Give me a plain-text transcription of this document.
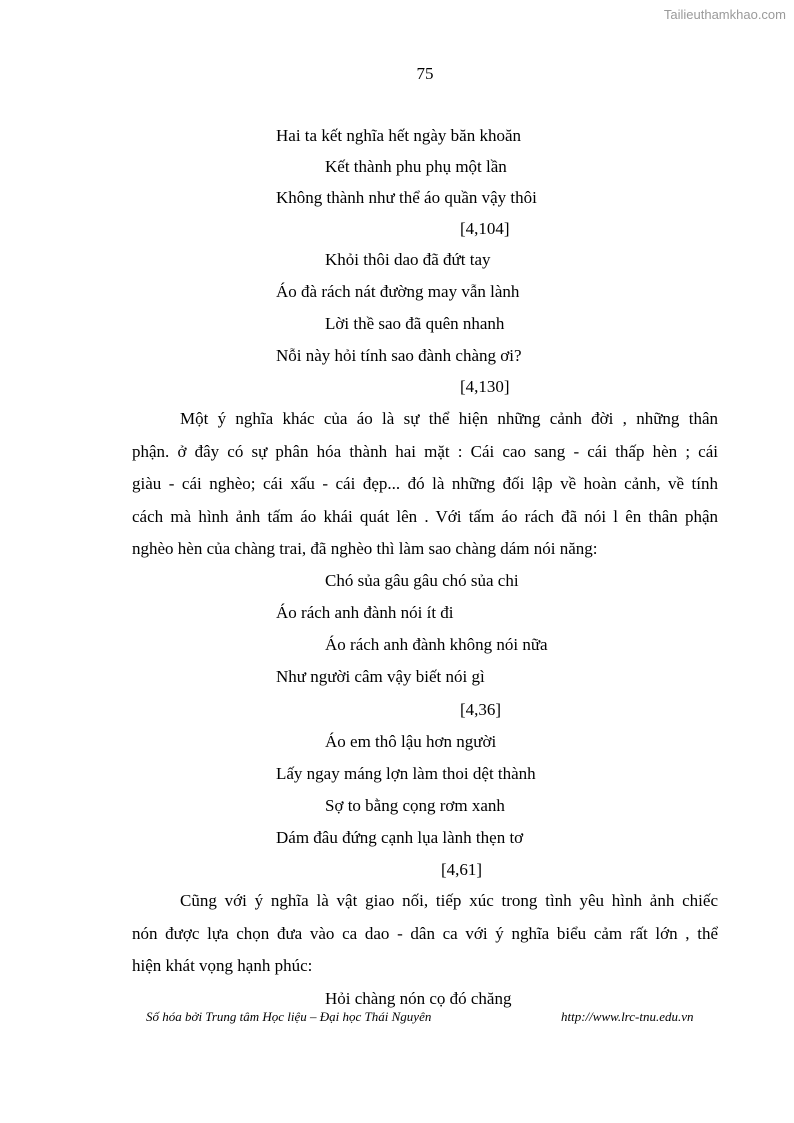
Tailieuthamkhao.com
75
Hai ta kết nghĩa hết ngày băn khoăn
Kết thành phu phụ một lần
Không thành như thể áo quần vậy thôi
[4,104]
Khỏi thôi dao đã đứt tay
Áo đà rách nát đường may vẫn lành
Lời thề sao đã quên nhanh
Nỗi này hỏi tính sao đành chàng ơi?
[4,130]
Một ý nghĩa khác của áo là sự thể hiện những cảnh đời , những thân
phận. ở đây có sự phân hóa thành hai mặt : Cái cao sang - cái thấp hèn ; cái
giàu - cái nghèo; cái xấu - cái đẹp... đó là những đối lập về hoàn cảnh, về tính
cách mà hình ảnh tấm áo khái quát lên . Với tấm áo rách đã nói l ên thân phận
nghèo hèn của chàng trai, đã nghèo thì làm sao chàng dám nói năng:
Chó sủa gâu gâu chó sủa chi
Áo rách anh đành nói ít đi
Áo rách anh đành không nói nữa
Như người câm vậy biết nói gì
[4,36]
Áo em thô lậu hơn người
Lấy ngay máng lợn làm thoi dệt thành
Sợ to bằng cọng rơm xanh
Dám đâu đứng cạnh lụa lành thẹn tơ
[4,61]
Cũng với ý nghĩa là vật giao nối, tiếp xúc trong tình yêu hình ảnh chiếc
nón được lựa chọn đưa vào ca dao - dân ca với ý nghĩa biểu cảm rất lớn , thể
hiện khát vọng hạnh phúc:
Hỏi chàng nón cọ đó chăng
Số hóa bởi Trung tâm Học liệu – Đại học Thái Nguyên	http://www.lrc-tnu.edu.vn
